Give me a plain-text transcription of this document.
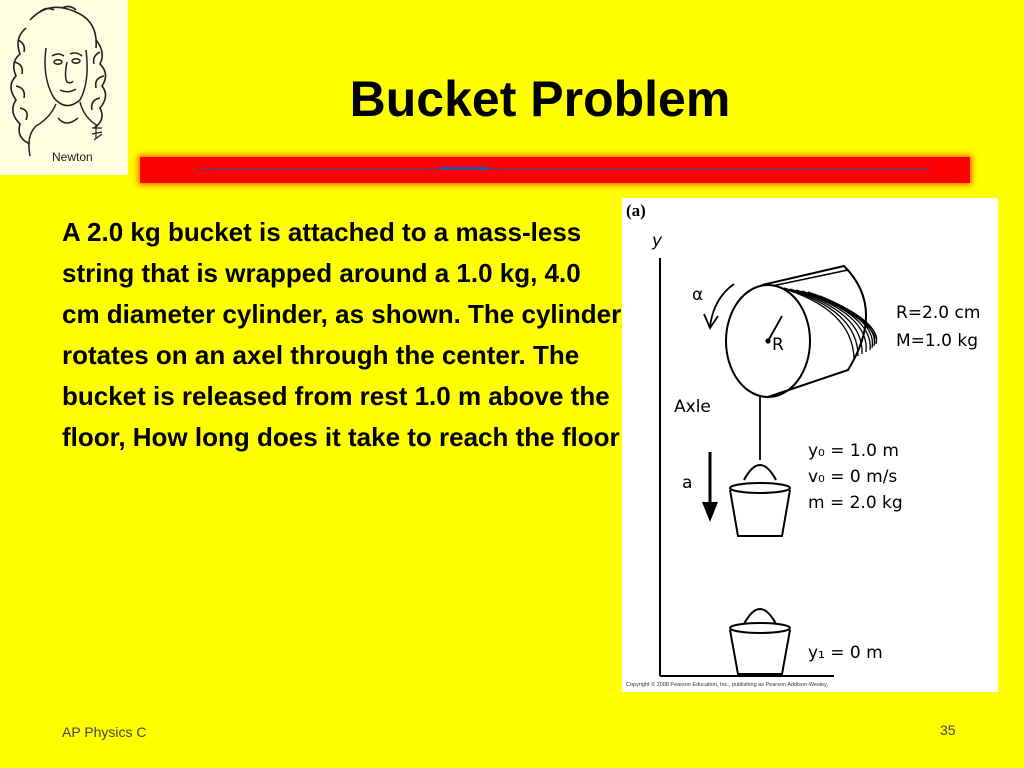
Newton
Bucket Problem

A 2.0 kg bucket is attached to a mass-less string that is wrapped around a 1.0 kg, 4.0 cm diameter cylinder, as shown. The cylinder rotates on an axel through the center. The bucket is released from rest 1.0 m above the floor, How long does it take to reach the floor

(a)
y
R
α
Axle
a
R=2.0 cm
M=1.0 kg
y₀ = 1.0 m
v₀ = 0 m/s
m = 2.0 kg
y₁ = 0 m
Copyright © 2008 Pearson Education, Inc., publishing as Pearson Addison-Wesley.
AP Physics C	35
